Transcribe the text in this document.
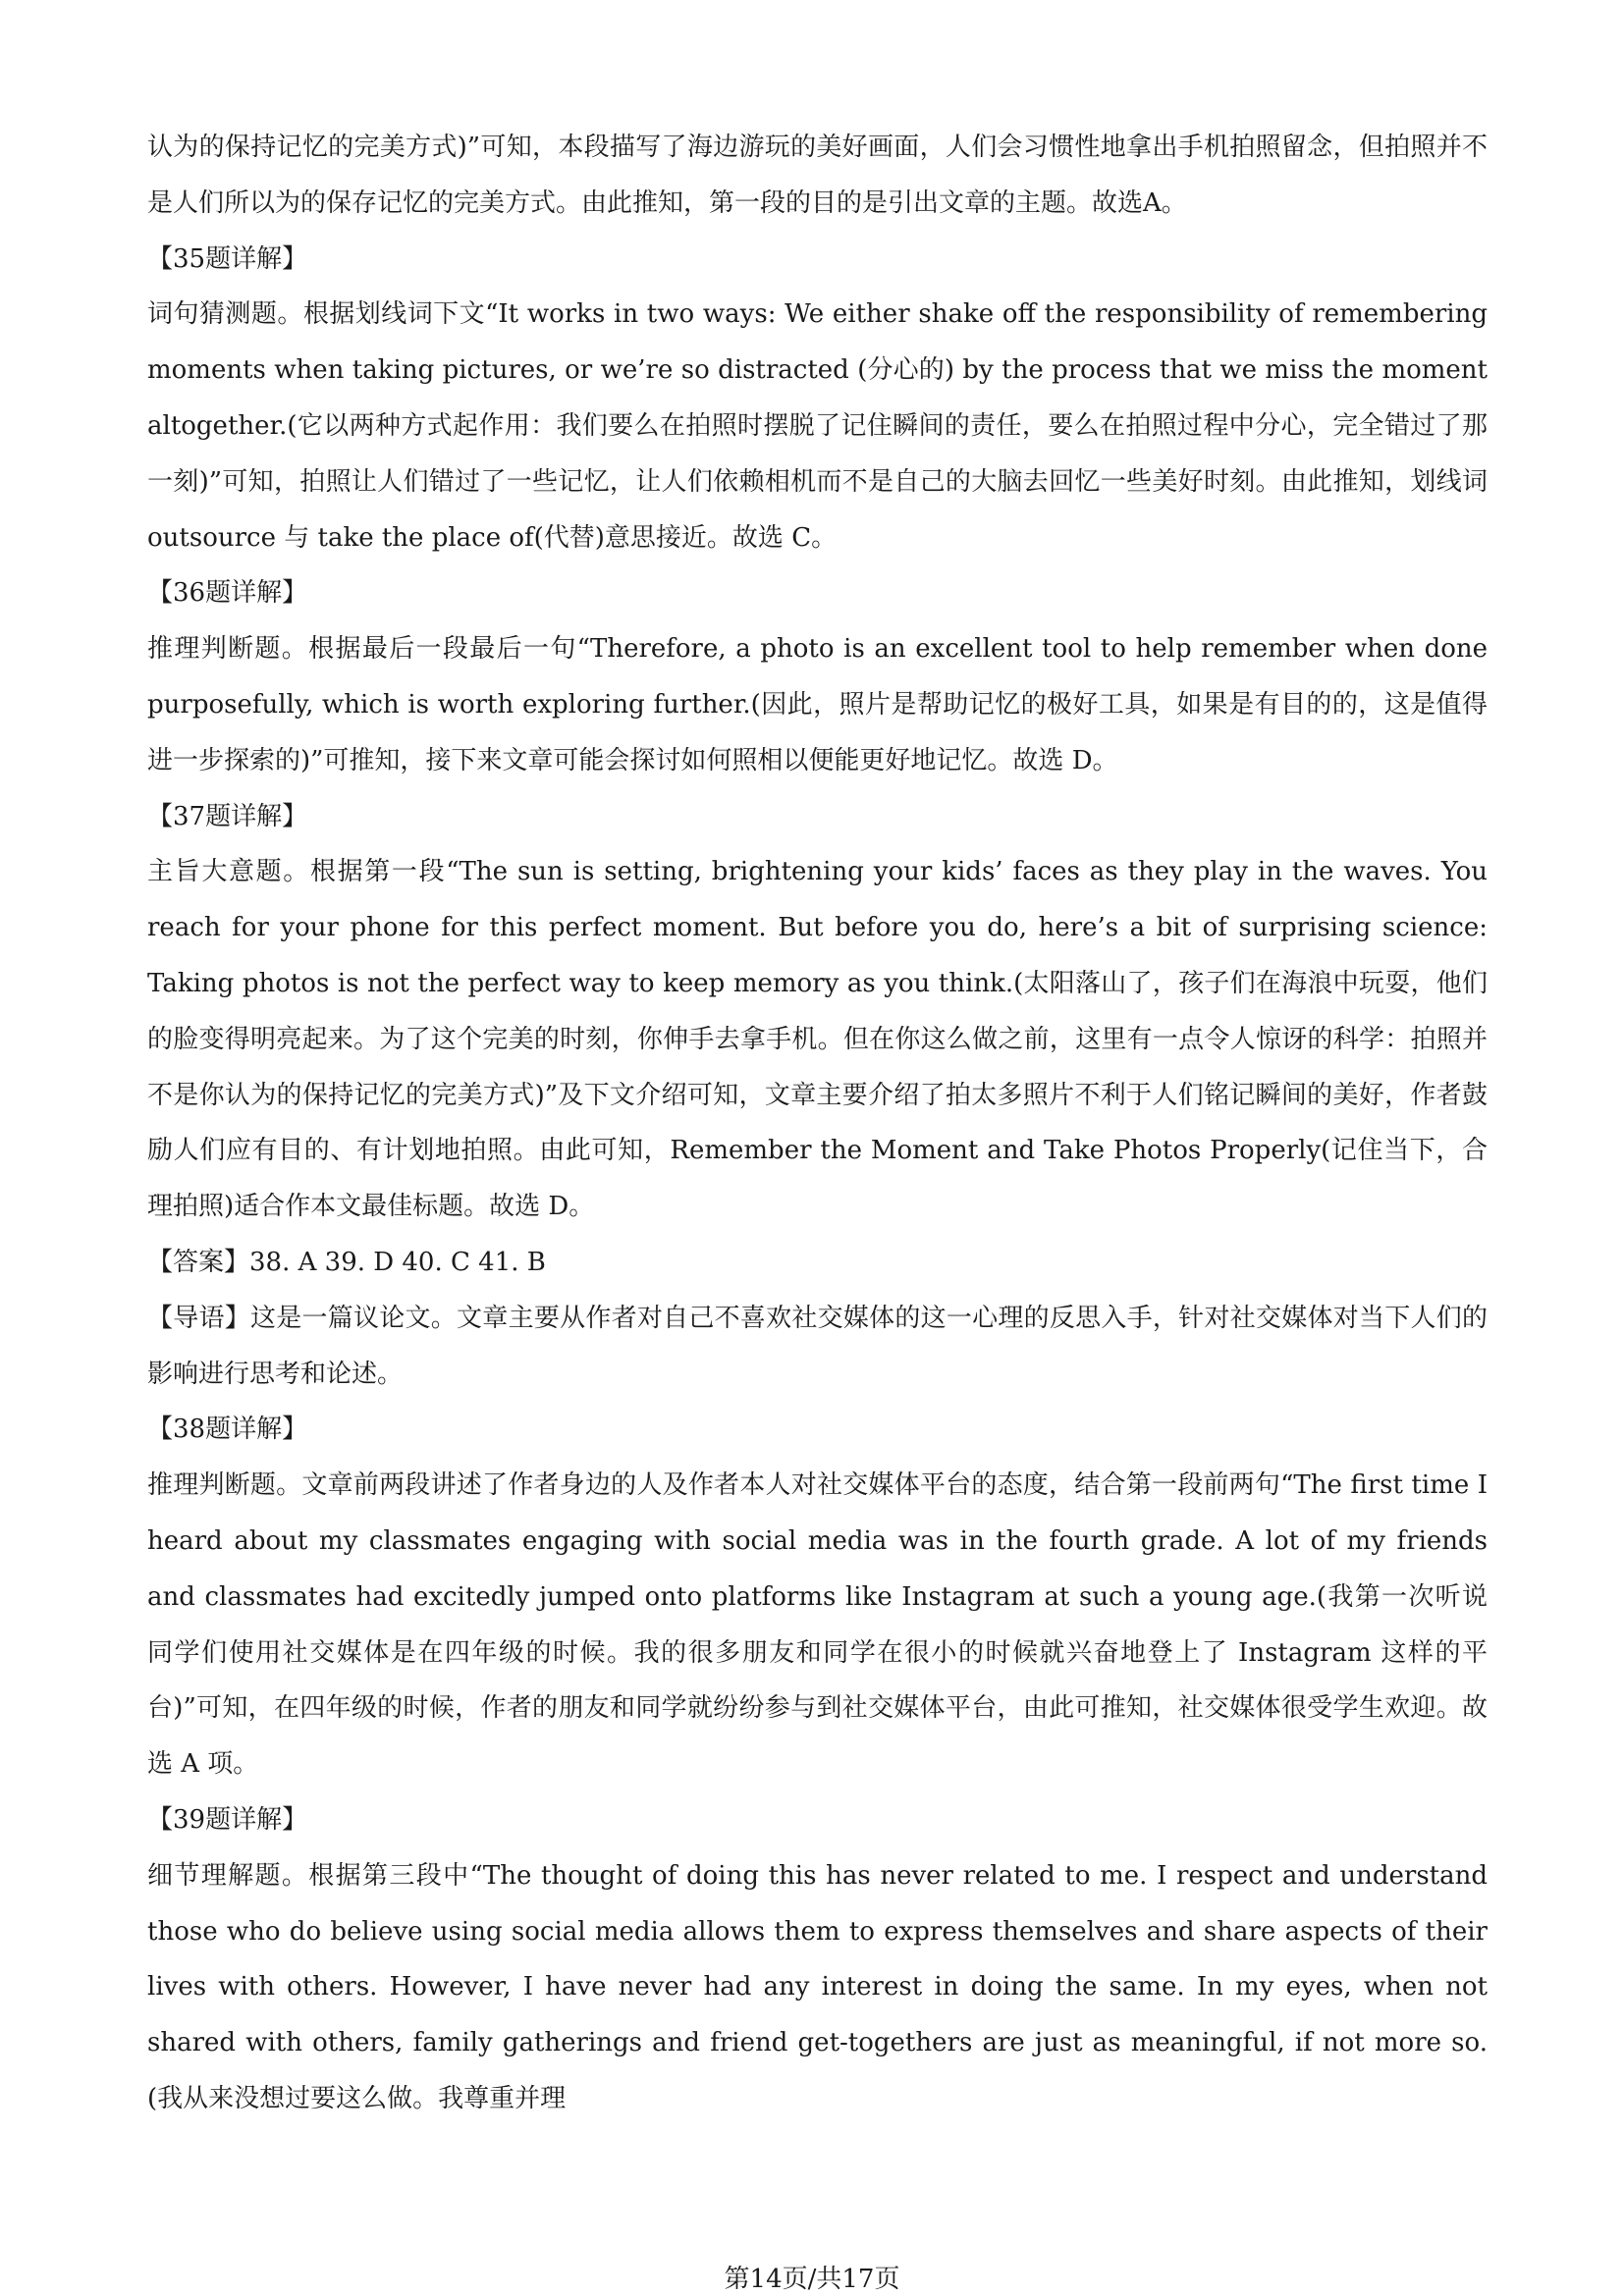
认为的保持记忆的完美方式)”可知，本段描写了海边游玩的美好画面，人们会习惯性地拿出手机拍照留念，但拍照并不是人们所以为的保存记忆的完美方式。由此推知，第一段的目的是引出文章的主题。故选A。

【35题详解】

词句猜测题。根据划线词下文“It works in two ways: We either shake off the responsibility of remembering moments when taking pictures, or we’re so distracted (分心的) by the process that we miss the moment altogether.(它以两种方式起作用：我们要么在拍照时摆脱了记住瞬间的责任，要么在拍照过程中分心，完全错过了那一刻)”可知，拍照让人们错过了一些记忆，让人们依赖相机而不是自己的大脑去回忆一些美好时刻。由此推知，划线词 outsource 与 take the place of(代替)意思接近。故选 C。

【36题详解】

推理判断题。根据最后一段最后一句“Therefore, a photo is an excellent tool to help remember when done purposefully, which is worth exploring further.(因此，照片是帮助记忆的极好工具，如果是有目的的，这是值得进一步探索的)”可推知，接下来文章可能会探讨如何照相以便能更好地记忆。故选 D。

【37题详解】

主旨大意题。根据第一段“The sun is setting, brightening your kids’ faces as they play in the waves. You reach for your phone for this perfect moment. But before you do, here’s a bit of surprising science: Taking photos is not the perfect way to keep memory as you think.(太阳落山了，孩子们在海浪中玩耍，他们的脸变得明亮起来。为了这个完美的时刻，你伸手去拿手机。但在你这么做之前，这里有一点令人惊讶的科学：拍照并不是你认为的保持记忆的完美方式)”及下文介绍可知，文章主要介绍了拍太多照片不利于人们铭记瞬间的美好，作者鼓励人们应有目的、有计划地拍照。由此可知，Remember the Moment and Take Photos Properly(记住当下，合理拍照)适合作本文最佳标题。故选 D。

【答案】38. A 39. D 40. C 41. B

【导语】这是一篇议论文。文章主要从作者对自己不喜欢社交媒体的这一心理的反思入手，针对社交媒体对当下人们的影响进行思考和论述。

【38题详解】

推理判断题。文章前两段讲述了作者身边的人及作者本人对社交媒体平台的态度，结合第一段前两句“The first time I heard about my classmates engaging with social media was in the fourth grade. A lot of my friends and classmates had excitedly jumped onto platforms like Instagram at such a young age.(我第一次听说同学们使用社交媒体是在四年级的时候。我的很多朋友和同学在很小的时候就兴奋地登上了 Instagram 这样的平台)”可知，在四年级的时候，作者的朋友和同学就纷纷参与到社交媒体平台，由此可推知，社交媒体很受学生欢迎。故选 A 项。

【39题详解】

细节理解题。根据第三段中“The thought of doing this has never related to me. I respect and understand those who do believe using social media allows them to express themselves and share aspects of their lives with others. However, I have never had any interest in doing the same. In my eyes, when not shared with others, family gatherings and friend get-togethers are just as meaningful, if not more so. (我从来没想过要这么做。我尊重并理

第14页/共17页
